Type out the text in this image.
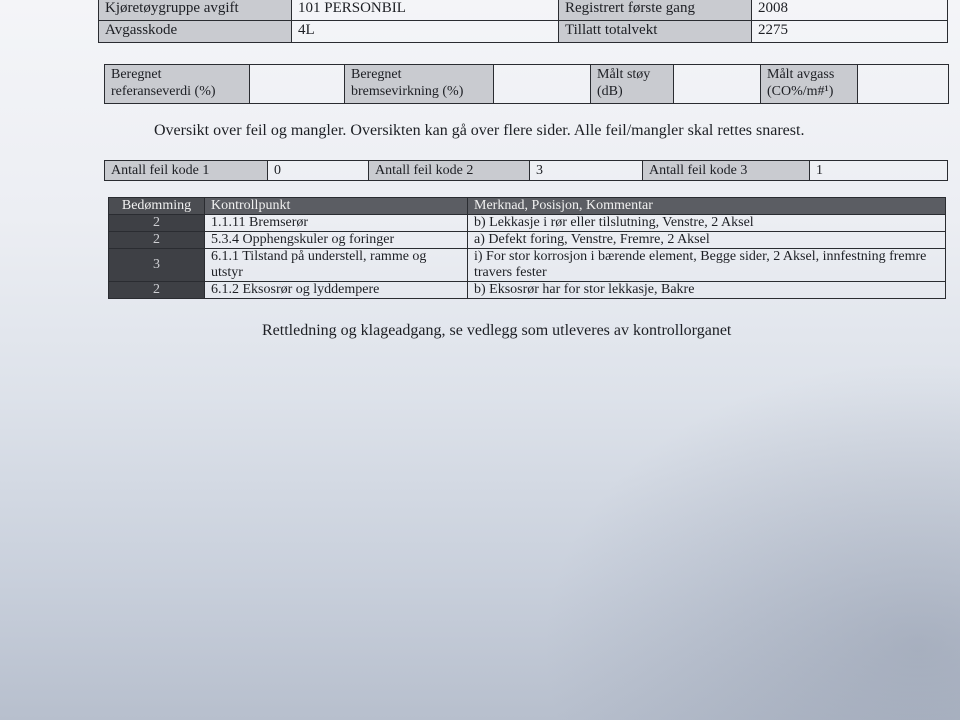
Kjøretøygruppe avgift	101 PERSONBIL	Registrert første gang	2008
Avgasskode	4L	Tillatt totalvekt	2275
Beregnet referanseverdi (%)		Beregnet bremsevirkning (%)		Målt støy (dB)		Målt avgass (CO%/m#¹)	
Oversikt over feil og mangler. Oversikten kan gå over flere sider. Alle feil/mangler skal rettes snarest.
Antall feil kode 1	0	Antall feil kode 2	3	Antall feil kode 3	1
Bedømming	Kontrollpunkt	Merknad, Posisjon, Kommentar
2	1.1.11 Bremserør	b) Lekkasje i rør eller tilslutning, Venstre, 2 Aksel
2	5.3.4 Opphengskuler og foringer	a) Defekt foring, Venstre, Fremre, 2 Aksel
3	6.1.1 Tilstand på understell, ramme og utstyr	i) For stor korrosjon i bærende element, Begge sider, 2 Aksel, innfestning fremre travers fester
2	6.1.2 Eksosrør og lyddempere	b) Eksosrør har for stor lekkasje, Bakre
Rettledning og klageadgang, se vedlegg som utleveres av kontrollorganet
